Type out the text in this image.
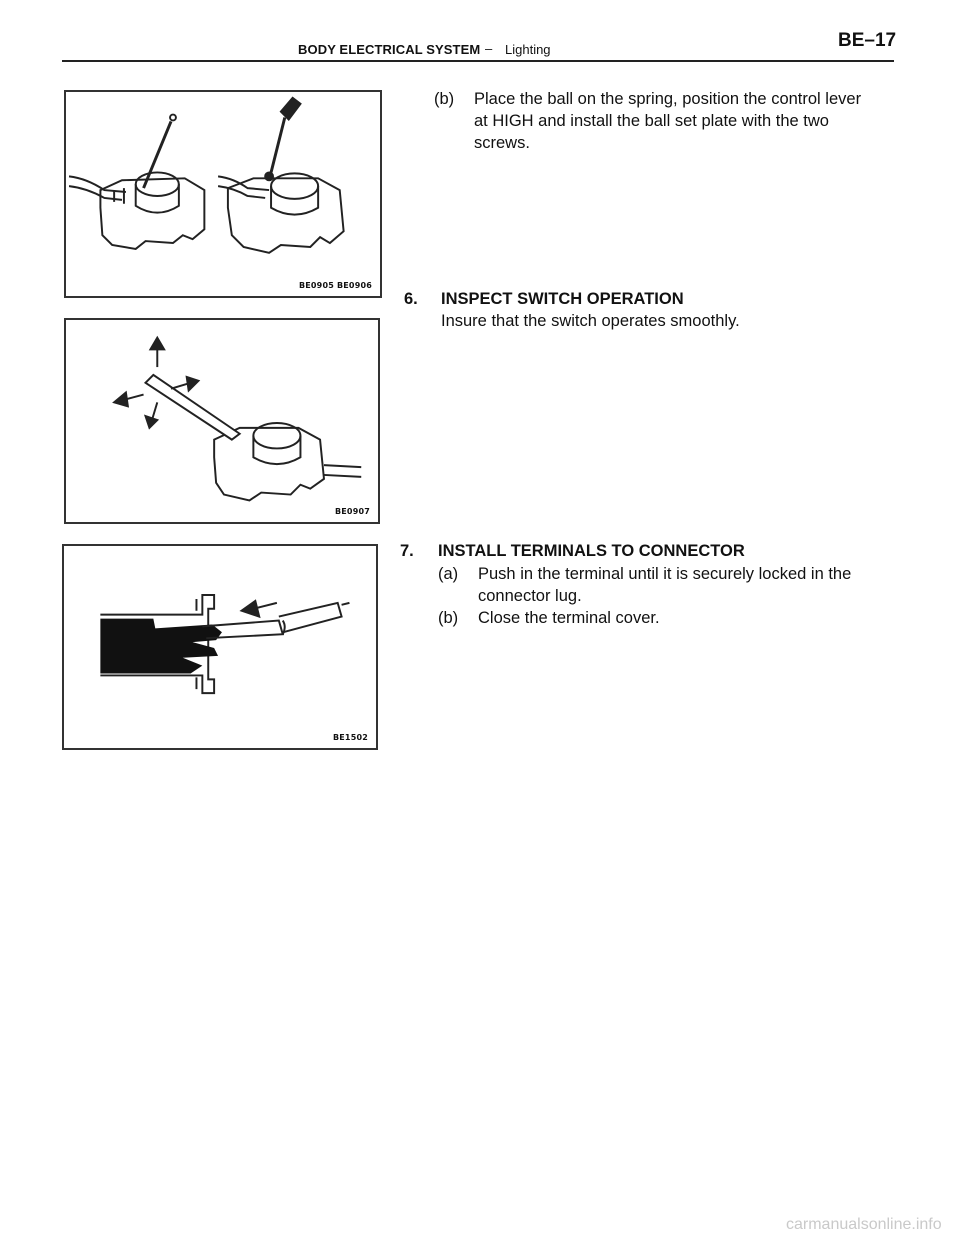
BODY ELECTRICAL SYSTEM – Lighting	BE–17
BE0905 BE0906
BE0907
BE1502
(b) Place the ball on the spring, position the control lever
at HIGH and install the ball set plate with the two
screws.
6. INSPECT SWITCH OPERATION
Insure that the switch operates smoothly.
7. INSTALL TERMINALS TO CONNECTOR
(a) Push in the terminal until it is securely locked in the
connector lug.
(b) Close the terminal cover.
carmanualsonline.info
